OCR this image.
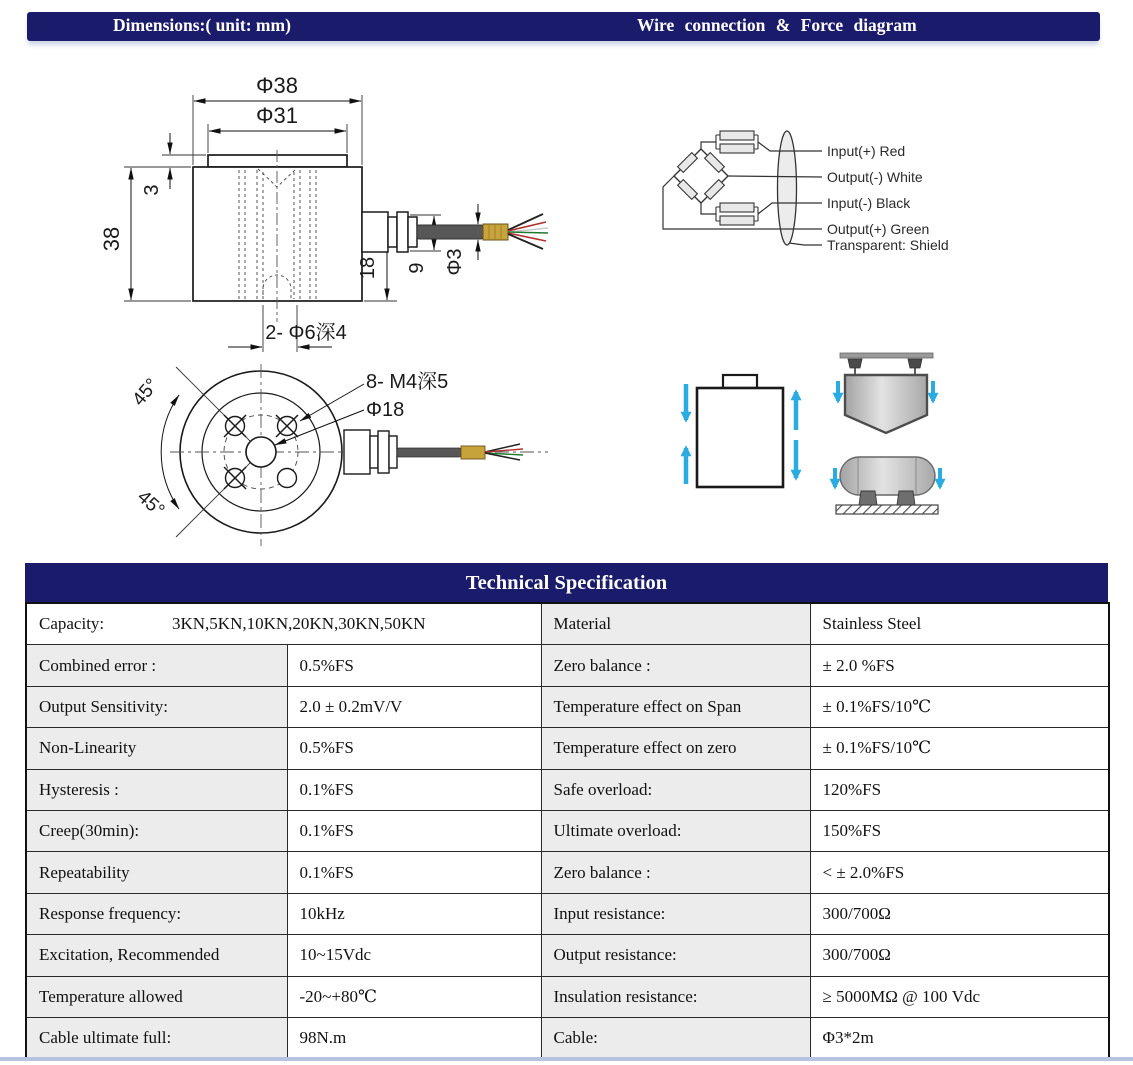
Dimensions:( unit: mm)	Wire connection & Force diagram
Φ38
Φ31
38
3
18 9 Φ3
2- Φ6深4
8- M4深5
Φ18
45°
45°
Input(+) Red
Output(-) White
Input(-) Black
Output(+) Green
Transparent: Shield
Technical Specification
Capacity: 3KN,5KN,10KN,20KN,30KN,50KN		Material	Stainless Steel
Combined error :	0.5%FS	Zero balance :	± 2.0 %FS
Output Sensitivity:	2.0 ± 0.2mV/V	Temperature effect on Span	± 0.1%FS/10℃
Non-Linearity	0.5%FS	Temperature effect on zero	± 0.1%FS/10℃
Hysteresis :	0.1%FS	Safe overload:	120%FS
Creep(30min):	0.1%FS	Ultimate overload:	150%FS
Repeatability	0.1%FS	Zero balance :	< ± 2.0%FS
Response frequency:	10kHz	Input resistance:	300/700Ω
Excitation, Recommended	10~15Vdc	Output resistance:	300/700Ω
Temperature allowed	-20~+80℃	Insulation resistance:	≥ 5000MΩ @ 100 Vdc
Cable ultimate full:	98N.m	Cable:	Φ3*2m
